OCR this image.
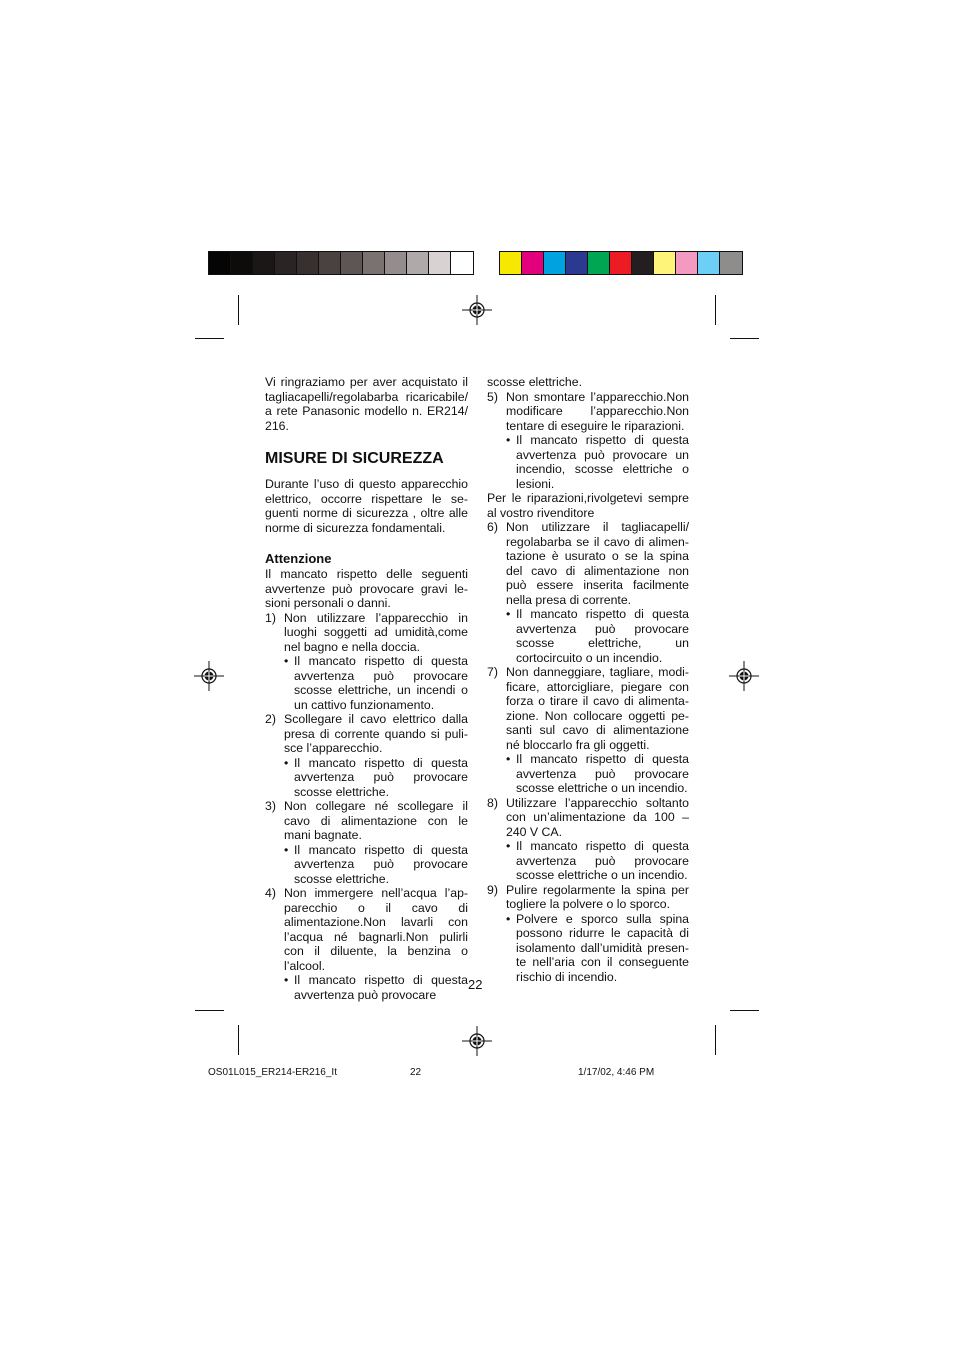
Vi ringraziamo per aver acquistato il tagliacapelli/regolabarba ricaricabile/ a rete Panasonic modello n. ER214/ 216.

MISURE DI SICUREZZA

Durante l’uso di questo apparecchio elettrico, occorre rispettare le se-guenti norme di sicurezza , oltre alle norme di sicurezza fondamentali.

Attenzione

Il mancato rispetto delle seguenti avvertenze può provocare gravi le-sioni personali o danni.

1) Non utilizzare l’apparecchio in luoghi soggetti ad umidità,come nel bagno e nella doccia.
• Il mancato rispetto di questa avvertenza può provocare scosse elettriche, un incendi o un cattivo funzionamento.
2) Scollegare il cavo elettrico dalla presa di corrente quando si puli-sce l’apparecchio.
• Il mancato rispetto di questa avvertenza può provocare scosse elettriche.
3) Non collegare né scollegare il cavo di alimentazione con le mani bagnate.
• Il mancato rispetto di questa avvertenza può provocare scosse elettriche.
4) Non immergere nell’acqua l’ap-parecchio o il cavo di alimentazione.Non lavarli con l’acqua né bagnarli.Non pulirli con il diluente, la benzina o l’alcool.
• Il mancato rispetto di questa avvertenza può provocare
22

scosse elettriche.

5) Non smontare l’apparecchio.Non modificare l’apparecchio.Non tentare di eseguire le riparazioni.
• Il mancato rispetto di questa avvertenza può provocare un incendio, scosse elettriche o lesioni.

Per le riparazioni,rivolgetevi sempre al vostro rivenditore

6) Non utilizzare il tagliacapelli/ regolabarba se il cavo di alimen-tazione è usurato o se la spina del cavo di alimentazione non può essere inserita facilmente nella presa di corrente.
• Il mancato rispetto di questa avvertenza può provocare scosse elettriche, un cortocircuito o un incendio.
7) Non danneggiare, tagliare, modi-ficare, attorcigliare, piegare con forza o tirare il cavo di alimenta-zione. Non collocare oggetti pe-santi sul cavo di alimentazione né bloccarlo fra gli oggetti.
• Il mancato rispetto di questa avvertenza può provocare scosse elettriche o un incendio.
8) Utilizzare l’apparecchio soltanto con un’alimentazione da 100 – 240 V CA.
• Il mancato rispetto di questa avvertenza può provocare scosse elettriche o un incendio.
9) Pulire regolarmente la spina per togliere la polvere o lo sporco.
• Polvere e sporco sulla spina possono ridurre le capacità di isolamento dall’umidità presen-te nell’aria con il conseguente rischio di incendio.
OS01L015_ER214-ER216_It	22	1/17/02, 4:46 PM
